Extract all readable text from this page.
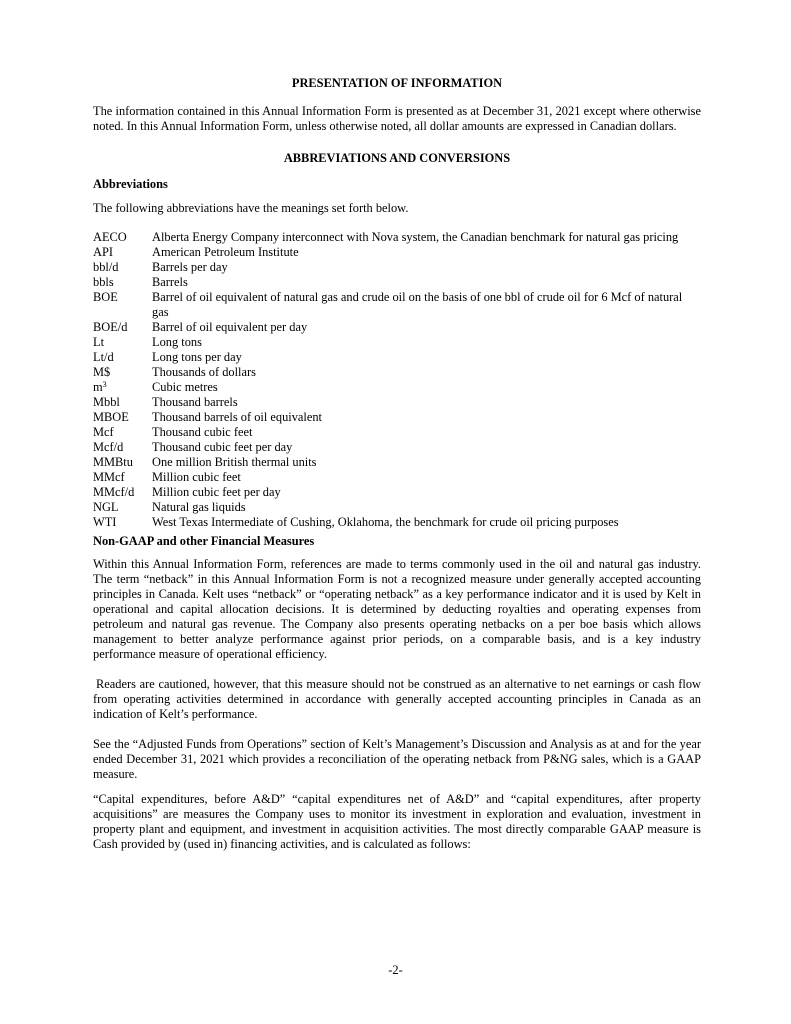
PRESENTATION OF INFORMATION

The information contained in this Annual Information Form is presented as at December 31, 2021 except where otherwise noted. In this Annual Information Form, unless otherwise noted, all dollar amounts are expressed in Canadian dollars.

ABBREVIATIONS AND CONVERSIONS
Abbreviations

The following abbreviations have the meanings set forth below.

AECO	Alberta Energy Company interconnect with Nova system, the Canadian benchmark for natural gas pricing
API	American Petroleum Institute
bbl/d	Barrels per day
bbls	Barrels
BOE	Barrel of oil equivalent of natural gas and crude oil on the basis of one bbl of crude oil for 6 Mcf of natural gas
BOE/d	Barrel of oil equivalent per day
Lt	Long tons
Lt/d	Long tons per day
M$	Thousands of dollars
$m^3$	Cubic metres
Mbbl	Thousand barrels
MBOE	Thousand barrels of oil equivalent
Mcf	Thousand cubic feet
Mcf/d	Thousand cubic feet per day
MMBtu	One million British thermal units
MMcf	Million cubic feet
MMcf/d	Million cubic feet per day
NGL	Natural gas liquids
WTI	West Texas Intermediate of Cushing, Oklahoma, the benchmark for crude oil pricing purposes
Non-GAAP and other Financial Measures

Within this Annual Information Form, references are made to terms commonly used in the oil and natural gas industry. The term “netback” in this Annual Information Form is not a recognized measure under generally accepted accounting principles in Canada. Kelt uses “netback” or “operating netback” as a key performance indicator and it is used by Kelt in operational and capital allocation decisions. It is determined by deducting royalties and operating expenses from petroleum and natural gas revenue. The Company also presents operating netbacks on a per boe basis which allows management to better analyze performance against prior periods, on a comparable basis, and is a key industry performance measure of operational efficiency.

Readers are cautioned, however, that this measure should not be construed as an alternative to net earnings or cash flow from operating activities determined in accordance with generally accepted accounting principles in Canada as an indication of Kelt’s performance.

See the “Adjusted Funds from Operations” section of Kelt’s Management’s Discussion and Analysis as at and for the year ended December 31, 2021 which provides a reconciliation of the operating netback from P&NG sales, which is a GAAP measure.

“Capital expenditures, before A&D” “capital expenditures net of A&D” and “capital expenditures, after property acquisitions” are measures the Company uses to monitor its investment in exploration and evaluation, investment in property plant and equipment, and investment in acquisition activities. The most directly comparable GAAP measure is Cash provided by (used in) financing activities, and is calculated as follows:

-2-
